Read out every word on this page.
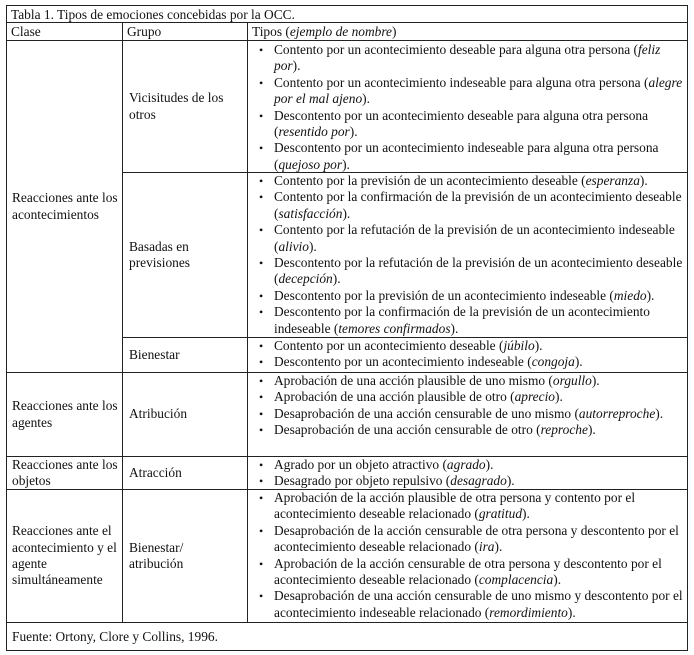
Tabla 1. Tipos de emociones concebidas por la OCC.
Clase	Grupo	Tipos (ejemplo de nombre)
Reacciones ante los acontecimientos
Vicisitudes de los otros
• Contento por un acontecimiento deseable para alguna otra persona (feliz por).
• Contento por un acontecimiento indeseable para alguna otra persona (alegre por el mal ajeno).
• Descontento por un acontecimiento deseable para alguna otra persona (resentido por).
• Descontento por un acontecimiento indeseable para alguna otra persona (quejoso por).
Basadas en previsiones
• Contento por la previsión de un acontecimiento deseable (esperanza).
• Contento por la confirmación de la previsión de un acontecimiento deseable (satisfacción).
• Contento por la refutación de la previsión de un acontecimiento indeseable (alivio).
• Descontento por la refutación de la previsión de un acontecimiento deseable (decepción).
• Descontento por la previsión de un acontecimiento indeseable (miedo).
• Descontento por la confirmación de la previsión de un acontecimiento indeseable (temores confirmados).
Bienestar
• Contento por un acontecimiento deseable (júbilo).
• Descontento por un acontecimiento indeseable (congoja).
Reacciones ante los agentes
Atribución
• Aprobación de una acción plausible de uno mismo (orgullo).
• Aprobación de una acción plausible de otro (aprecio).
• Desaprobación de una acción censurable de uno mismo (autorreproche).
• Desaprobación de una acción censurable de otro (reproche).
Reacciones ante los objetos
Atracción
• Agrado por un objeto atractivo (agrado).
• Desagrado por objeto repulsivo (desagrado).
Reacciones ante el acontecimiento y el agente simultáneamente
Bienestar/ atribución
• Aprobación de la acción plausible de otra persona y contento por el acontecimiento deseable relacionado (gratitud).
• Desaprobación de la acción censurable de otra persona y descontento por el acontecimiento deseable relacionado (ira).
• Aprobación de la acción censurable de otra persona y descontento por el acontecimiento deseable relacionado (complacencia).
• Desaprobación de una acción censurable de uno mismo y descontento por el acontecimiento indeseable relacionado (remordimiento).
Fuente: Ortony, Clore y Collins, 1996.
